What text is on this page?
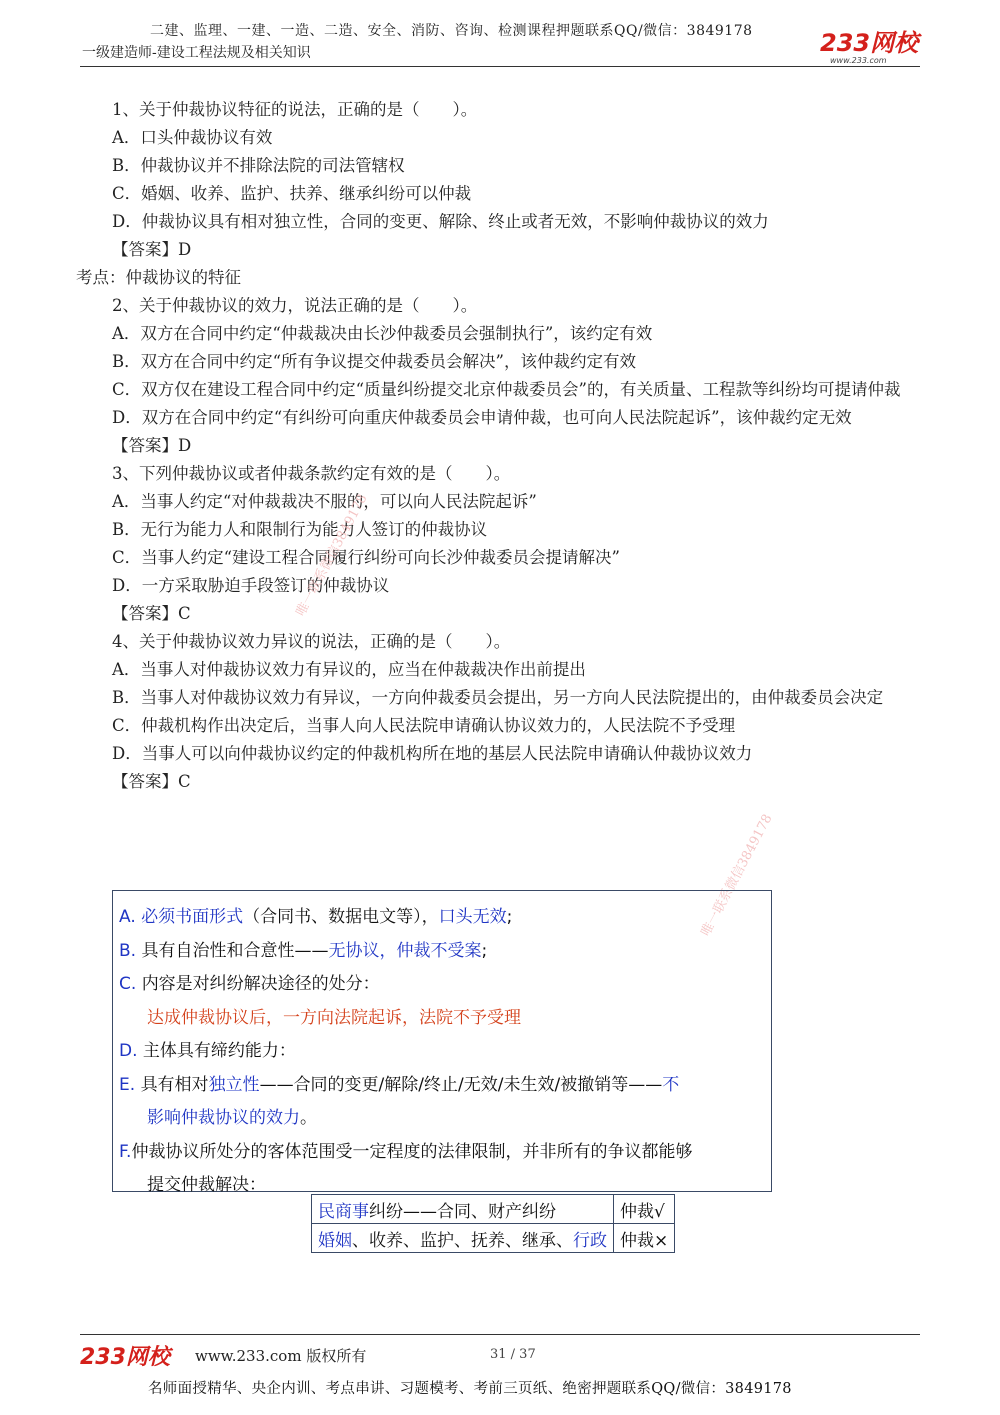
二建、监理、一建、一造、二造、安全、消防、咨询、检测课程押题联系QQ/微信：3849178
一级建造师-建设工程法规及相关知识	233网校
www.233.com

1、关于仲裁协议特征的说法，正确的是（　　）。

A．口头仲裁协议有效

B．仲裁协议并不排除法院的司法管辖权

C．婚姻、收养、监护、扶养、继承纠纷可以仲裁

D．仲裁协议具有相对独立性，合同的变更、解除、终止或者无效，不影响仲裁协议的效力

【答案】D

考点：仲裁协议的特征

2、关于仲裁协议的效力，说法正确的是（　　）。

A．双方在合同中约定“仲裁裁决由长沙仲裁委员会强制执行”，该约定有效

B．双方在合同中约定“所有争议提交仲裁委员会解决”，该仲裁约定有效

C．双方仅在建设工程合同中约定“质量纠纷提交北京仲裁委员会”的，有关质量、工程款等纠纷均可提请仲裁

D．双方在合同中约定“有纠纷可向重庆仲裁委员会申请仲裁，也可向人民法院起诉”，该仲裁约定无效

【答案】D

3、下列仲裁协议或者仲裁条款约定有效的是（　　）。

A．当事人约定“对仲裁裁决不服的，可以向人民法院起诉”

B．无行为能力人和限制行为能力人签订的仲裁协议

C．当事人约定“建设工程合同履行纠纷可向长沙仲裁委员会提请解决”

D．一方采取胁迫手段签订的仲裁协议

【答案】C

4、关于仲裁协议效力异议的说法，正确的是（　　）。

A．当事人对仲裁协议效力有异议的，应当在仲裁裁决作出前提出

B．当事人对仲裁协议效力有异议，一方向仲裁委员会提出，另一方向人民法院提出的，由仲裁委员会决定

C．仲裁机构作出决定后，当事人向人民法院申请确认协议效力的，人民法院不予受理

D．当事人可以向仲裁协议约定的仲裁机构所在地的基层人民法院申请确认仲裁协议效力

【答案】C

唯一联系微信3849178
唯一联系微信3849178
A. 必须书面形式（合同书、数据电文等），口头无效;
B. 具有自治性和合意性——无协议，仲裁不受案;
C. 内容是对纠纷解决途径的处分：
达成仲裁协议后，一方向法院起诉，法院不予受理
D. 主体具有缔约能力：
E. 具有相对独立性——合同的变更/解除/终止/无效/未生效/被撤销等——不
影响仲裁协议的效力。
F.仲裁协议所处分的客体范围受一定程度的法律限制，并非所有的争议都能够
提交仲裁解决：
民商事纠纷——合同、财产纠纷	仲裁√
婚姻、收养、监护、抚养、继承、行政	仲裁×
233网校 www.233.com 版权所有	31 / 37
名师面授精华、央企内训、考点串讲、习题模考、考前三页纸、绝密押题联系QQ/微信：3849178
